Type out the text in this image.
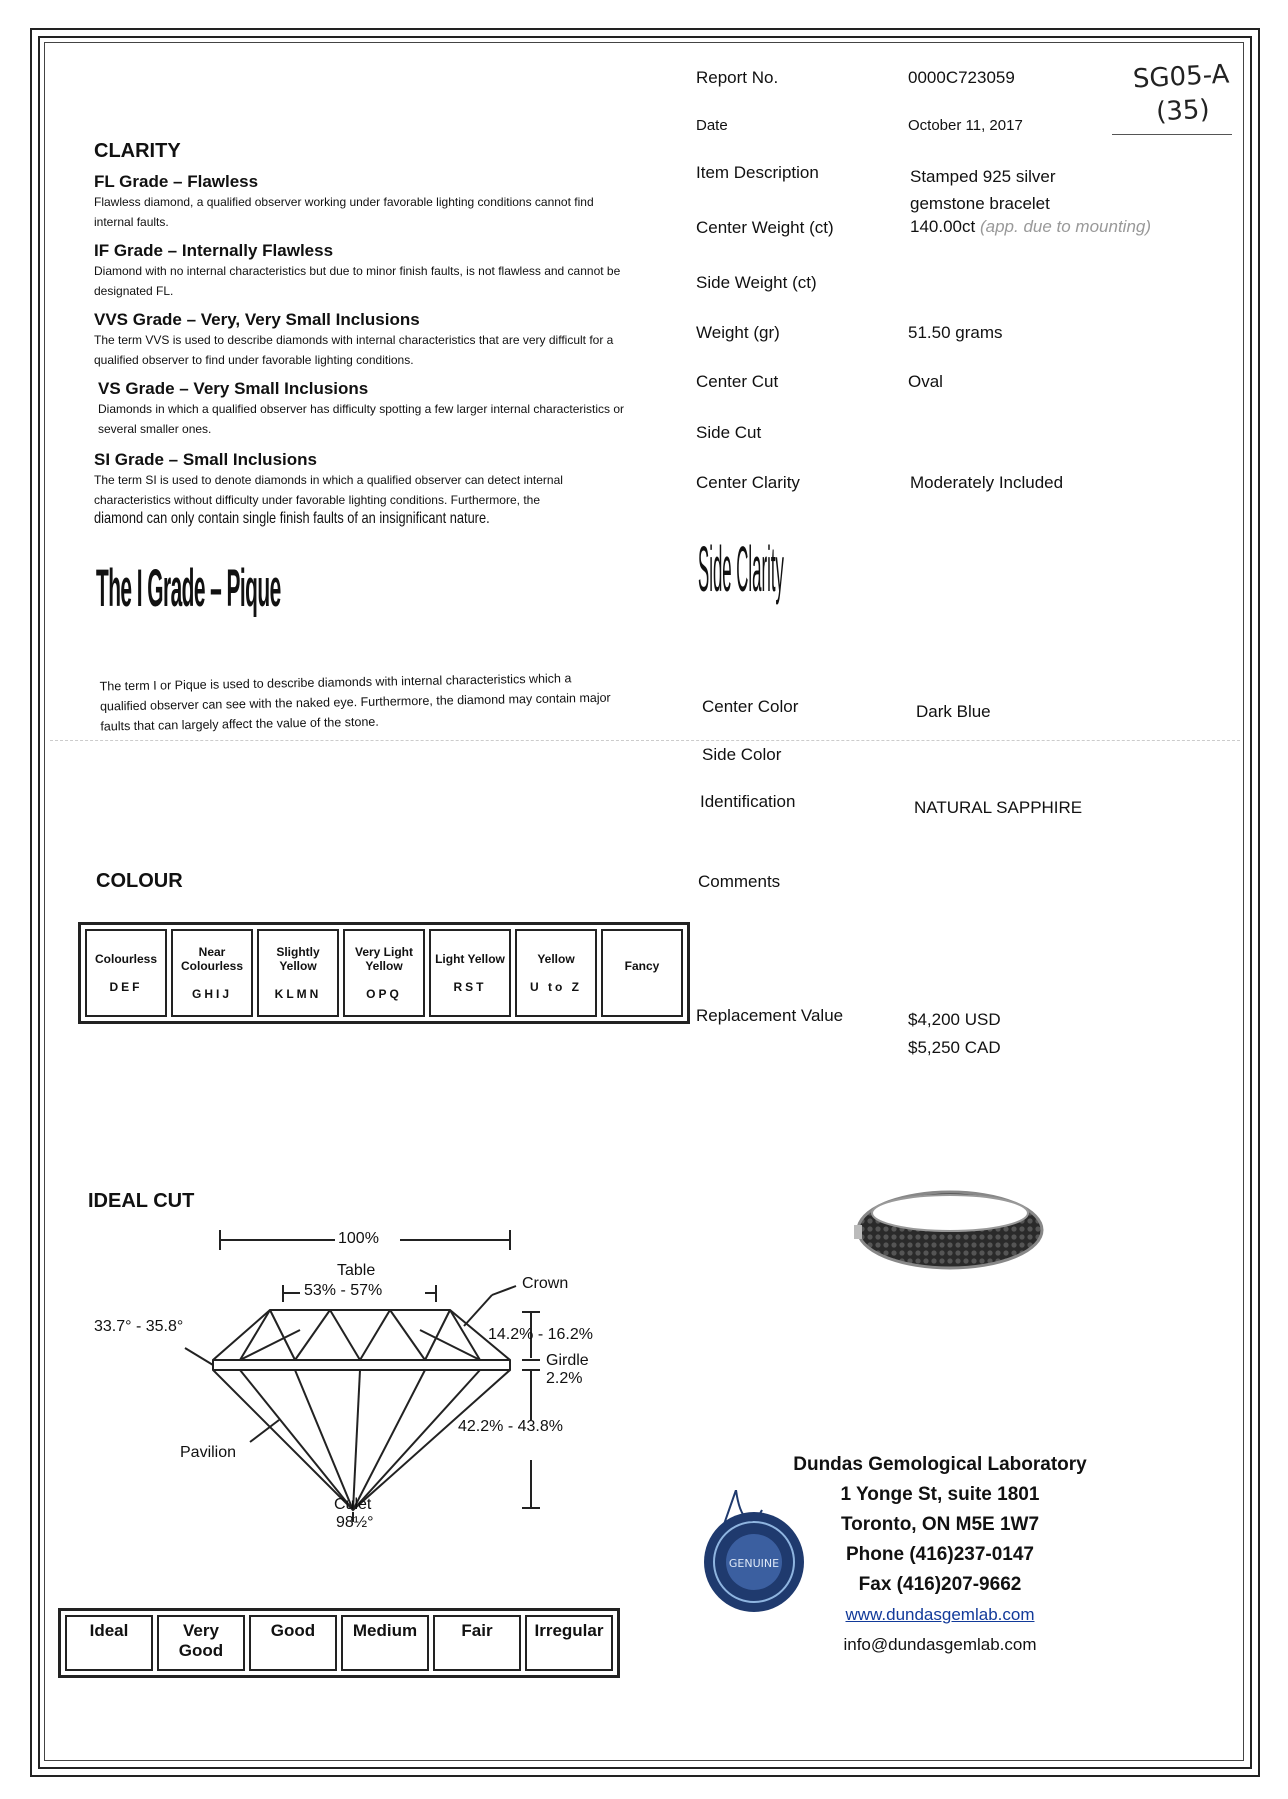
CLARITY
FL Grade – Flawless
Flawless diamond, a qualified observer working under favorable lighting conditions cannot find internal faults.
IF Grade – Internally Flawless
Diamond with no internal characteristics but due to minor finish faults, is not flawless and cannot be designated FL.
VVS Grade – Very, Very Small Inclusions
The term VVS is used to describe diamonds with internal characteristics that are very difficult for a qualified observer to find under favorable lighting conditions.
VS Grade – Very Small Inclusions
Diamonds in which a qualified observer has difficulty spotting a few larger internal characteristics or several smaller ones.
SI Grade – Small Inclusions
The term SI is used to denote diamonds in which a qualified observer can detect internal characteristics without difficulty under favorable lighting conditions. Furthermore, the
diamond can only contain single finish faults of an insignificant nature.
The I Grade – Pique
The term I or Pique is used to describe diamonds with internal characteristics which a qualified observer can see with the naked eye. Furthermore, the diamond may contain major faults that can largely affect the value of the stone.
COLOUR
Colourless
DEF
	Near Colourless
GHIJ
	Slightly Yellow
KLMN
	Very Light Yellow
OPQ
	Light Yellow
RST
	Yellow
U to Z
	Fancy
IDEAL CUT
100%
Table
53% - 57%	Crown
33.7° - 35.8°	14.2% - 16.2%
Girdle
2.2%
42.2% - 43.8%
Pavilion
Culet
98½°
Ideal	Very Good	Good	Medium	Fair	Irregular
SG05-A (35)
Report No.	0000C723059
Date	October 11, 2017
Item Description	Stamped 925 silver gemstone bracelet
Center Weight (ct)	140.00ct (app. due to mounting)
Side Weight (ct)
Weight (gr)	51.50 grams
Center Cut	Oval
Side Cut
Center Clarity	Moderately Included
Side Clarity
Center Color	Dark Blue
Side Color
Identification	NATURAL SAPPHIRE
Comments
Replacement Value	$4,200 USD
$5,250 CAD
Dundas Gemological Laboratory
1 Yonge St, suite 1801
Toronto, ON M5E 1W7
Phone (416)237-0147
Fax (416)207-9662
www.dundasgemlab.com
info@dundasgemlab.com
GENUINE
